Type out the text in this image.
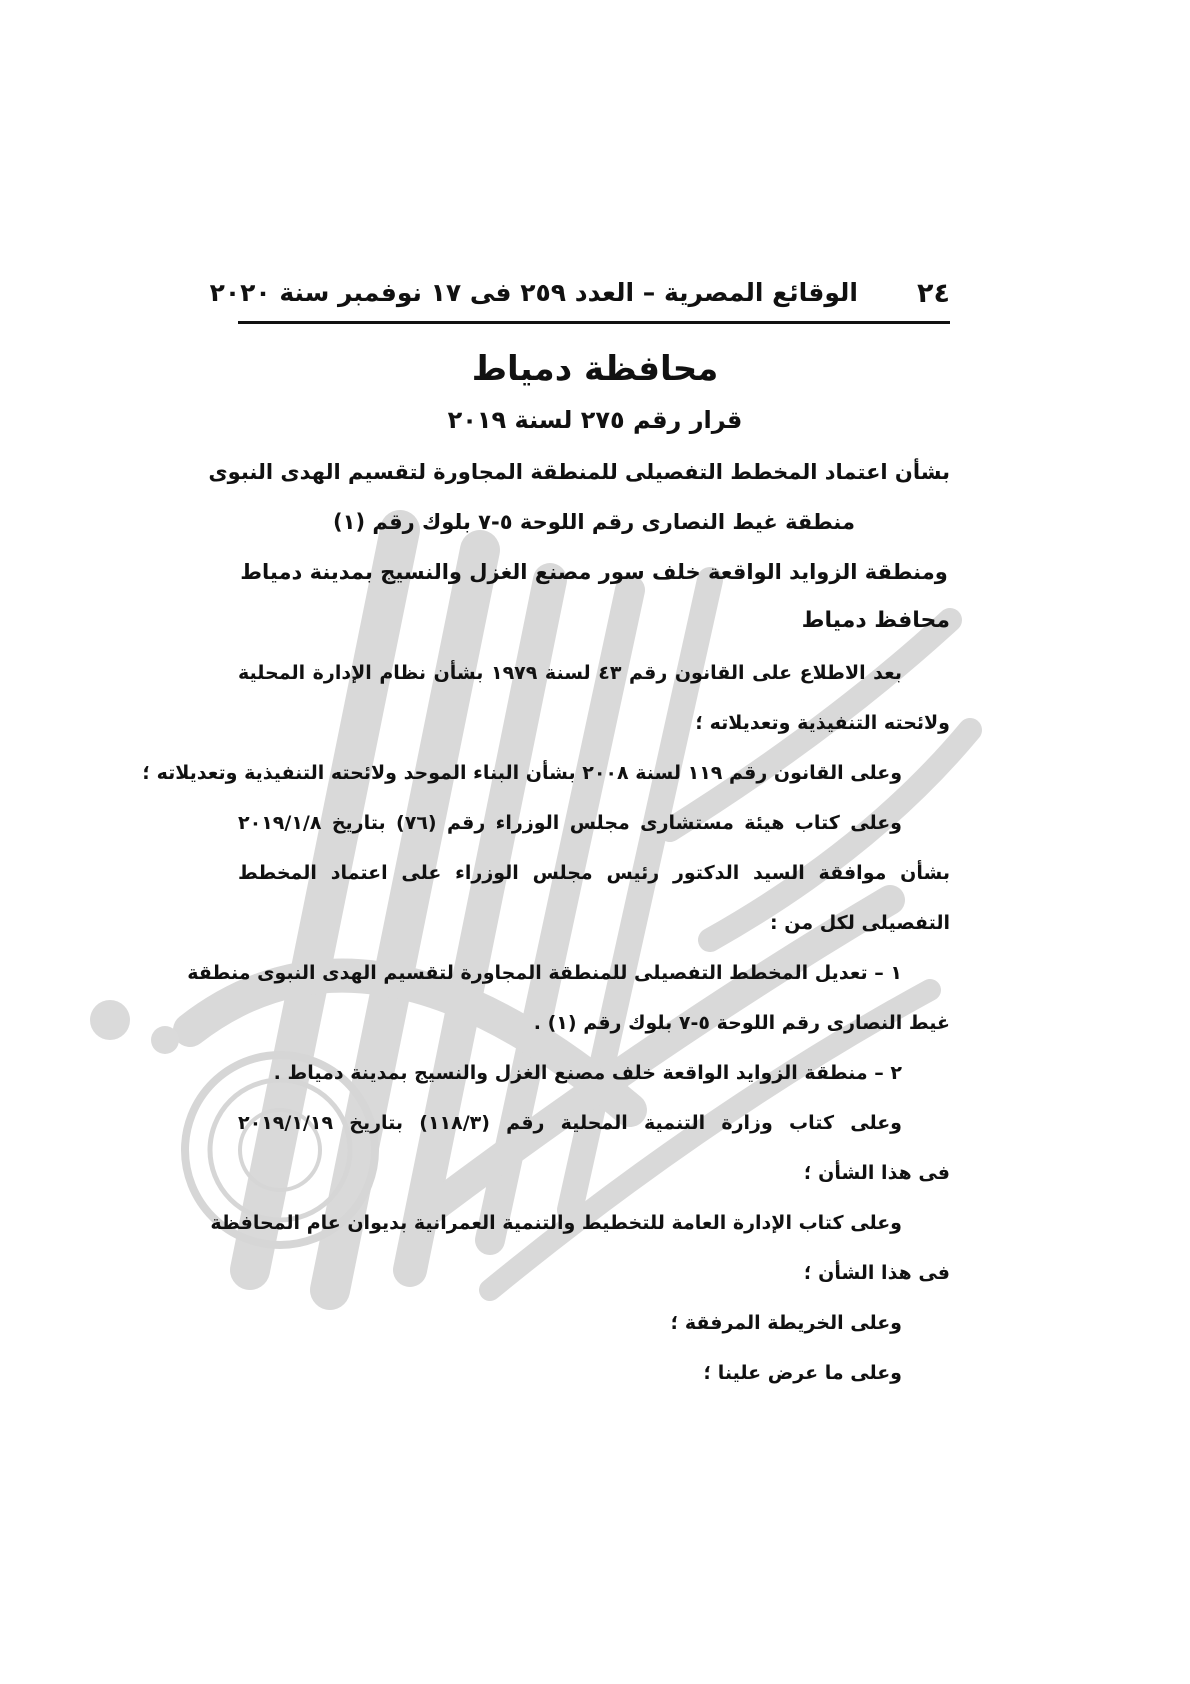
٢٤
الوقائع المصرية – العدد ٢٥٩ فى ١٧ نوفمبر سنة ٢٠٢٠
محافظة دمياط
قرار رقم ٢٧٥ لسنة ٢٠١٩
بشأن اعتماد المخطط التفصيلى للمنطقة المجاورة لتقسيم الهدى النبوى
منطقة غيط النصارى رقم اللوحة ٥-٧ بلوك رقم (١)
ومنطقة الزوايد الواقعة خلف سور مصنع الغزل والنسيج بمدينة دمياط
محافظ دمياط
بعد الاطلاع على القانون رقم ٤٣ لسنة ١٩٧٩ بشأن نظام الإدارة المحلية
ولائحته التنفيذية وتعديلاته ؛
وعلى القانون رقم ١١٩ لسنة ٢٠٠٨ بشأن البناء الموحد ولائحته التنفيذية وتعديلاته ؛
وعلى كتاب هيئة مستشارى مجلس الوزراء رقم (٧٦) بتاريخ ٢٠١٩/١/٨
بشأن موافقة السيد الدكتور رئيس مجلس الوزراء على اعتماد المخطط
التفصيلى لكل من :
١ – تعديل المخطط التفصيلى للمنطقة المجاورة لتقسيم الهدى النبوى منطقة
غيط النصارى رقم اللوحة ٥-٧ بلوك رقم (١) .
٢ – منطقة الزوايد الواقعة خلف مصنع الغزل والنسيج بمدينة دمياط .
وعلى كتاب وزارة التنمية المحلية رقم (١١٨/٣) بتاريخ ٢٠١٩/١/١٩
فى هذا الشأن ؛
وعلى كتاب الإدارة العامة للتخطيط والتنمية العمرانية بديوان عام المحافظة
فى هذا الشأن ؛
وعلى الخريطة المرفقة ؛
وعلى ما عرض علينا ؛
